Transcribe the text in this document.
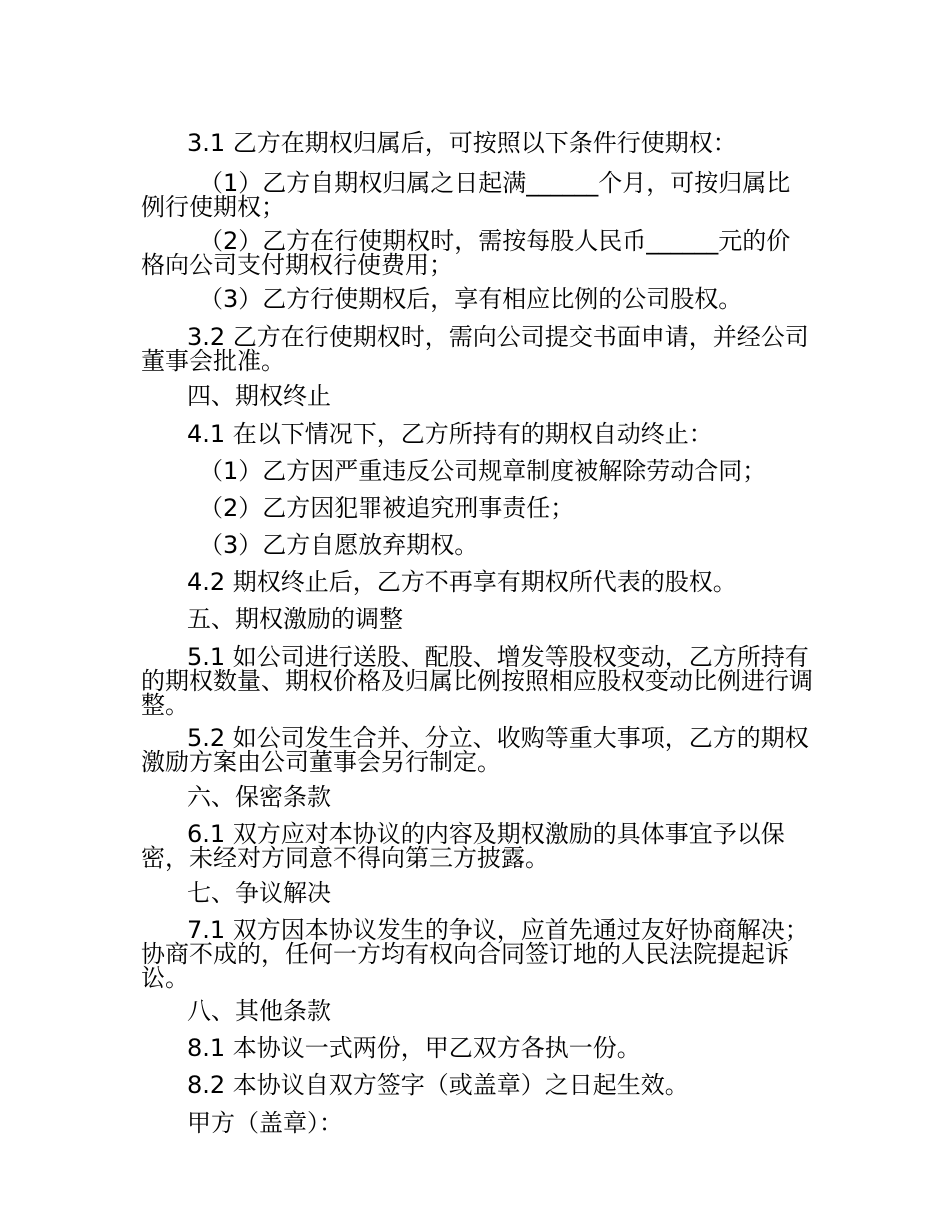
3.1 乙方在期权归属后，可按照以下条件行使期权：

（1）乙方自期权归属之日起满______个月，可按归属比例行使期权；

（2）乙方在行使期权时，需按每股人民币______元的价格向公司支付期权行使费用；

（3）乙方行使期权后，享有相应比例的公司股权。

3.2 乙方在行使期权时，需向公司提交书面申请，并经公司董事会批准。

四、期权终止

4.1 在以下情况下，乙方所持有的期权自动终止：

（1）乙方因严重违反公司规章制度被解除劳动合同；

（2）乙方因犯罪被追究刑事责任；

（3）乙方自愿放弃期权。

4.2 期权终止后，乙方不再享有期权所代表的股权。

五、期权激励的调整

5.1 如公司进行送股、配股、增发等股权变动，乙方所持有的期权数量、期权价格及归属比例按照相应股权变动比例进行调整。

5.2 如公司发生合并、分立、收购等重大事项，乙方的期权激励方案由公司董事会另行制定。

六、保密条款

6.1 双方应对本协议的内容及期权激励的具体事宜予以保密，未经对方同意不得向第三方披露。

七、争议解决

7.1 双方因本协议发生的争议，应首先通过友好协商解决；协商不成的，任何一方均有权向合同签订地的人民法院提起诉讼。

八、其他条款

8.1 本协议一式两份，甲乙双方各执一份。

8.2 本协议自双方签字（或盖章）之日起生效。

甲方（盖章）：
